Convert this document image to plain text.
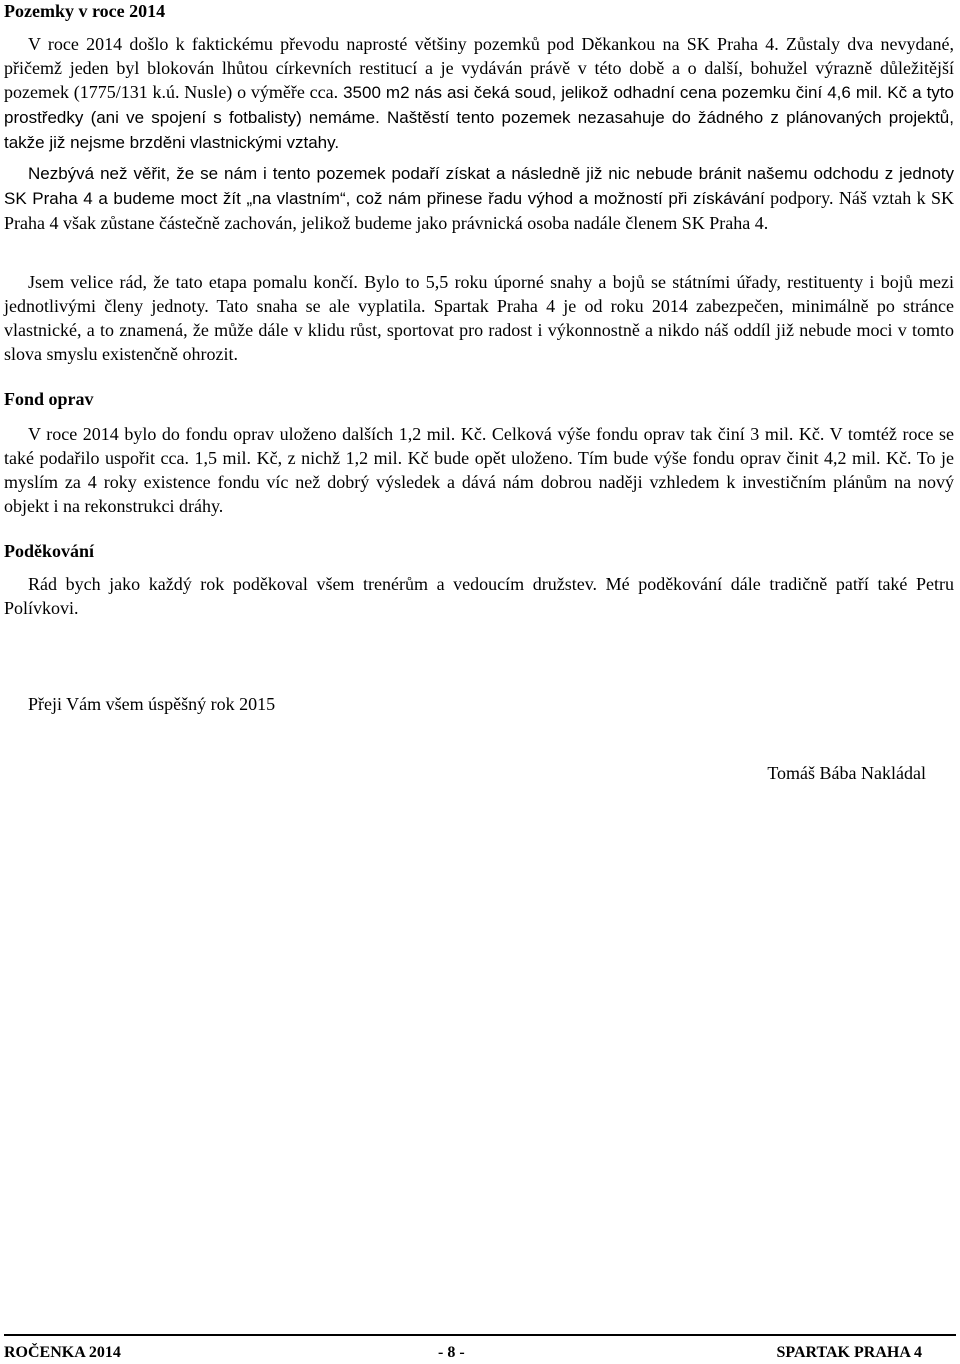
Pozemky v roce 2014

V roce 2014 došlo k faktickému převodu naprosté většiny pozemků pod Děkankou na SK Praha 4. Zůstaly dva nevydané, přičemž jeden byl blokován lhůtou církevních restitucí a je vydáván právě v této době a o další, bohužel výrazně důležitější pozemek (1775/131 k.ú. Nusle) o výměře cca. 3500 m2 nás asi čeká soud, jelikož odhadní cena pozemku činí 4,6 mil. Kč a tyto prostředky (ani ve spojení s fotbalisty) nemáme. Naštěstí tento pozemek nezasahuje do žádného z plánovaných projektů, takže již nejsme brzděni vlastnickými vztahy.

Nezbývá než věřit, že se nám i tento pozemek podaří získat a následně již nic nebude bránit našemu odchodu z jednoty SK Praha 4 a budeme moct žít „na vlastním“, což nám přinese řadu výhod a možností při získávání podpory. Náš vztah k SK Praha 4 však zůstane částečně zachován, jelikož budeme jako právnická osoba nadále členem SK Praha 4.

Jsem velice rád, že tato etapa pomalu končí. Bylo to 5,5 roku úporné snahy a bojů se státními úřady, restituenty i bojů mezi jednotlivými členy jednoty. Tato snaha se ale vyplatila. Spartak Praha 4 je od roku 2014 zabezpečen, minimálně po stránce vlastnické, a to znamená, že může dále v klidu růst, sportovat pro radost i výkonnostně a nikdo náš oddíl již nebude moci v tomto slova smyslu existenčně ohrozit.

Fond oprav

V roce 2014 bylo do fondu oprav uloženo dalších 1,2 mil. Kč. Celková výše fondu oprav tak činí 3 mil. Kč. V tomtéž roce se také podařilo uspořit cca. 1,5 mil. Kč, z nichž 1,2 mil. Kč bude opět uloženo. Tím bude výše fondu oprav činit 4,2 mil. Kč. To je myslím za 4 roky existence fondu víc než dobrý výsledek a dává nám dobrou naději vzhledem k investičním plánům na nový objekt i na rekonstrukci dráhy.

Poděkování

Rád bych jako každý rok poděkoval všem trenérům a vedoucím družstev. Mé poděkování dále tradičně patří také Petru Polívkovi.

Přeji Vám všem úspěšný rok 2015

Tomáš Bába Nakládal

ROČENKA 2014	- 8 -	SPARTAK PRAHA 4
